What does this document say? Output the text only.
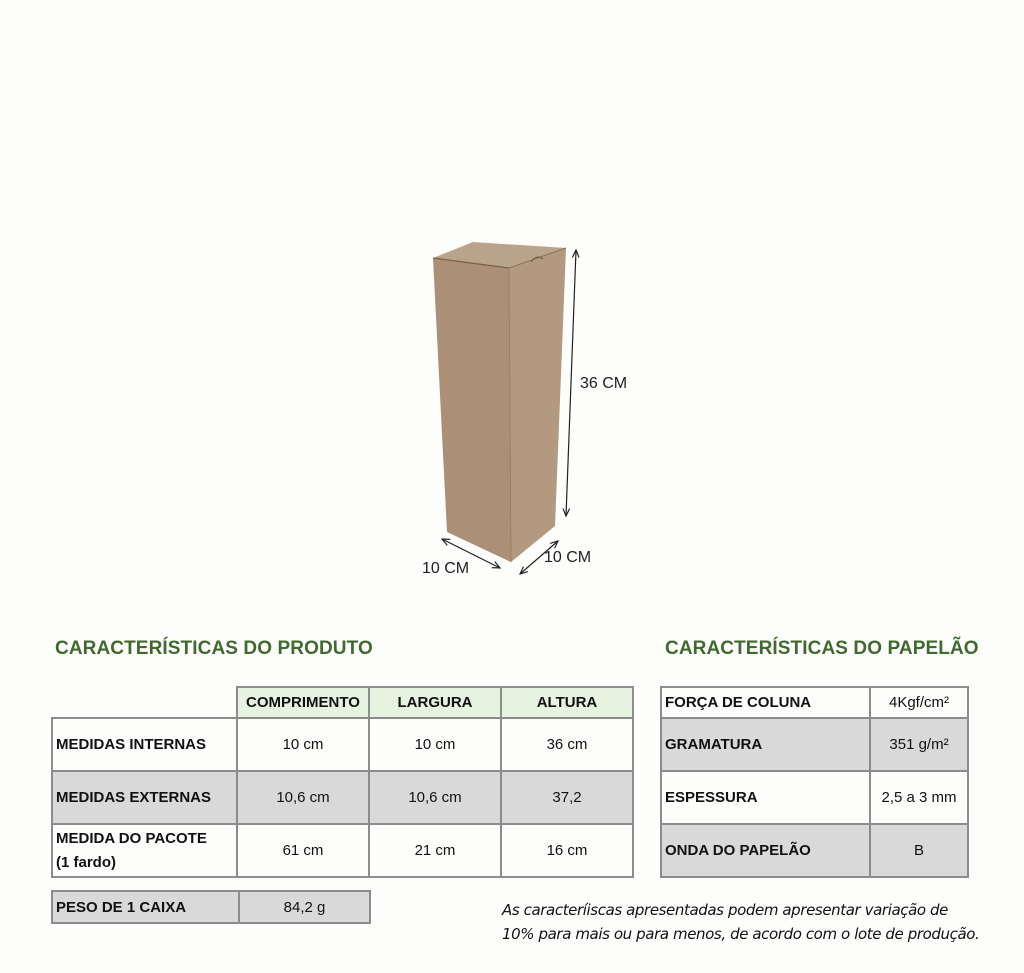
36 CM
10 CM
10 CM
CARACTERÍSTICAS DO PRODUTO	CARACTERÍSTICAS DO PAPELÃO
	COMPRIMENTO	LARGURA	ALTURA
MEDIDAS INTERNAS	10 cm	10 cm	36 cm
MEDIDAS EXTERNAS	10,6 cm	10,6 cm	37,2

MEDIDA DO PACOTE
(1 fardo)	61 cm	21 cm	16 cm
PESO DE 1 CAIXA	84,2 g
FORÇA DE COLUNA	4Kgf/cm²
GRAMATURA	351 g/m²
ESPESSURA	2,5 a 3 mm
ONDA DO PAPELÃO	B
As caracteríiscas apresentadas podem apresentar variação de
10% para mais ou para menos, de acordo com o lote de produção.
